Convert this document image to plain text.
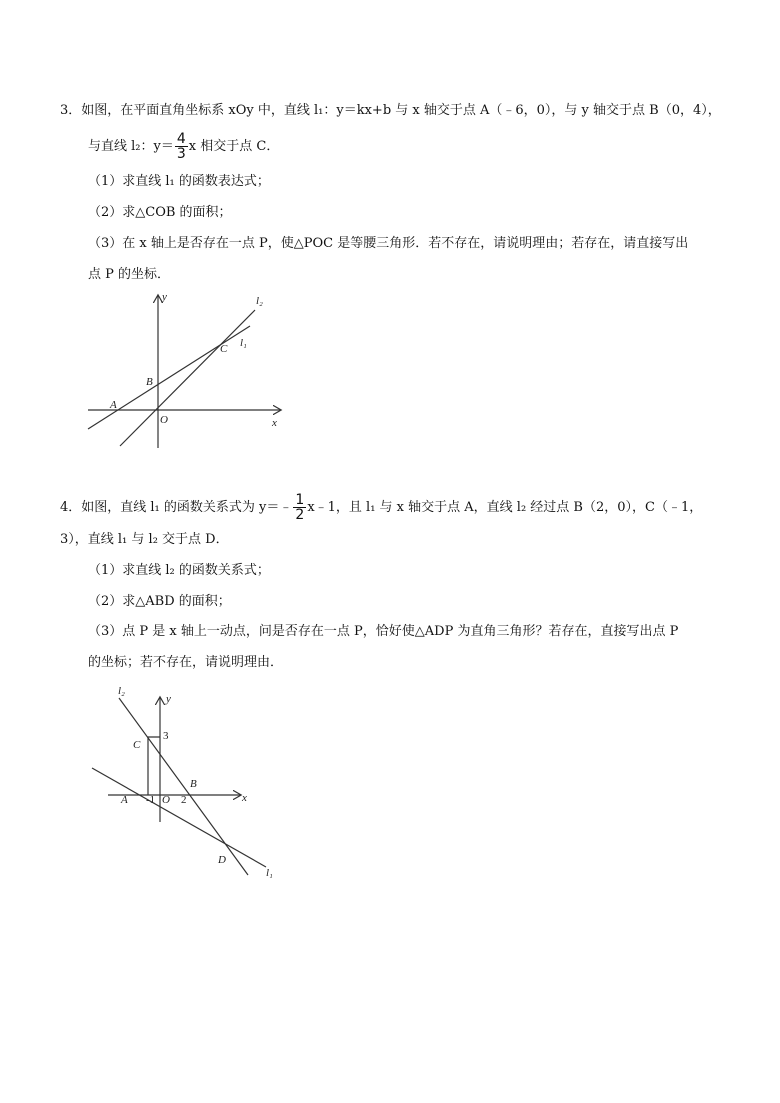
3．如图，在平面直角坐标系 xOy 中，直线 l₁：y＝kx+b 与 x 轴交于点 A（﹣6，0），与 y 轴交于点 B（0，4），
与直线 l₂：$y= \frac{4}{3}$ x 相交于点 C．
（1）求直线 l₁ 的函数表达式；
（2）求△COB 的面积；
（3）在 x 轴上是否存在一点 P，使△POC 是等腰三角形．若不存在，请说明理由；若存在，请直接写出
点 P 的坐标．
y	l₂
l₁
C
B
A
O	x
4．如图，直线 l₁ 的函数关系式为 y＝﹣ $\frac{1}{2}$ x﹣1，且 l₁ 与 x 轴交于点 A，直线 l₂ 经过点 B（2，0），C（﹣1，
3），直线 l₁ 与 l₂ 交于点 D．
（1）求直线 l₂ 的函数关系式；
（2）求△ABD 的面积；
（3）点 P 是 x 轴上一动点，问是否存在一点 P，恰好使△ADP 为直角三角形？若存在，直接写出点 P
的坐标；若不存在，请说明理由．
l₂
y
3
C
B
A -1 O 2	x
D
l₁
